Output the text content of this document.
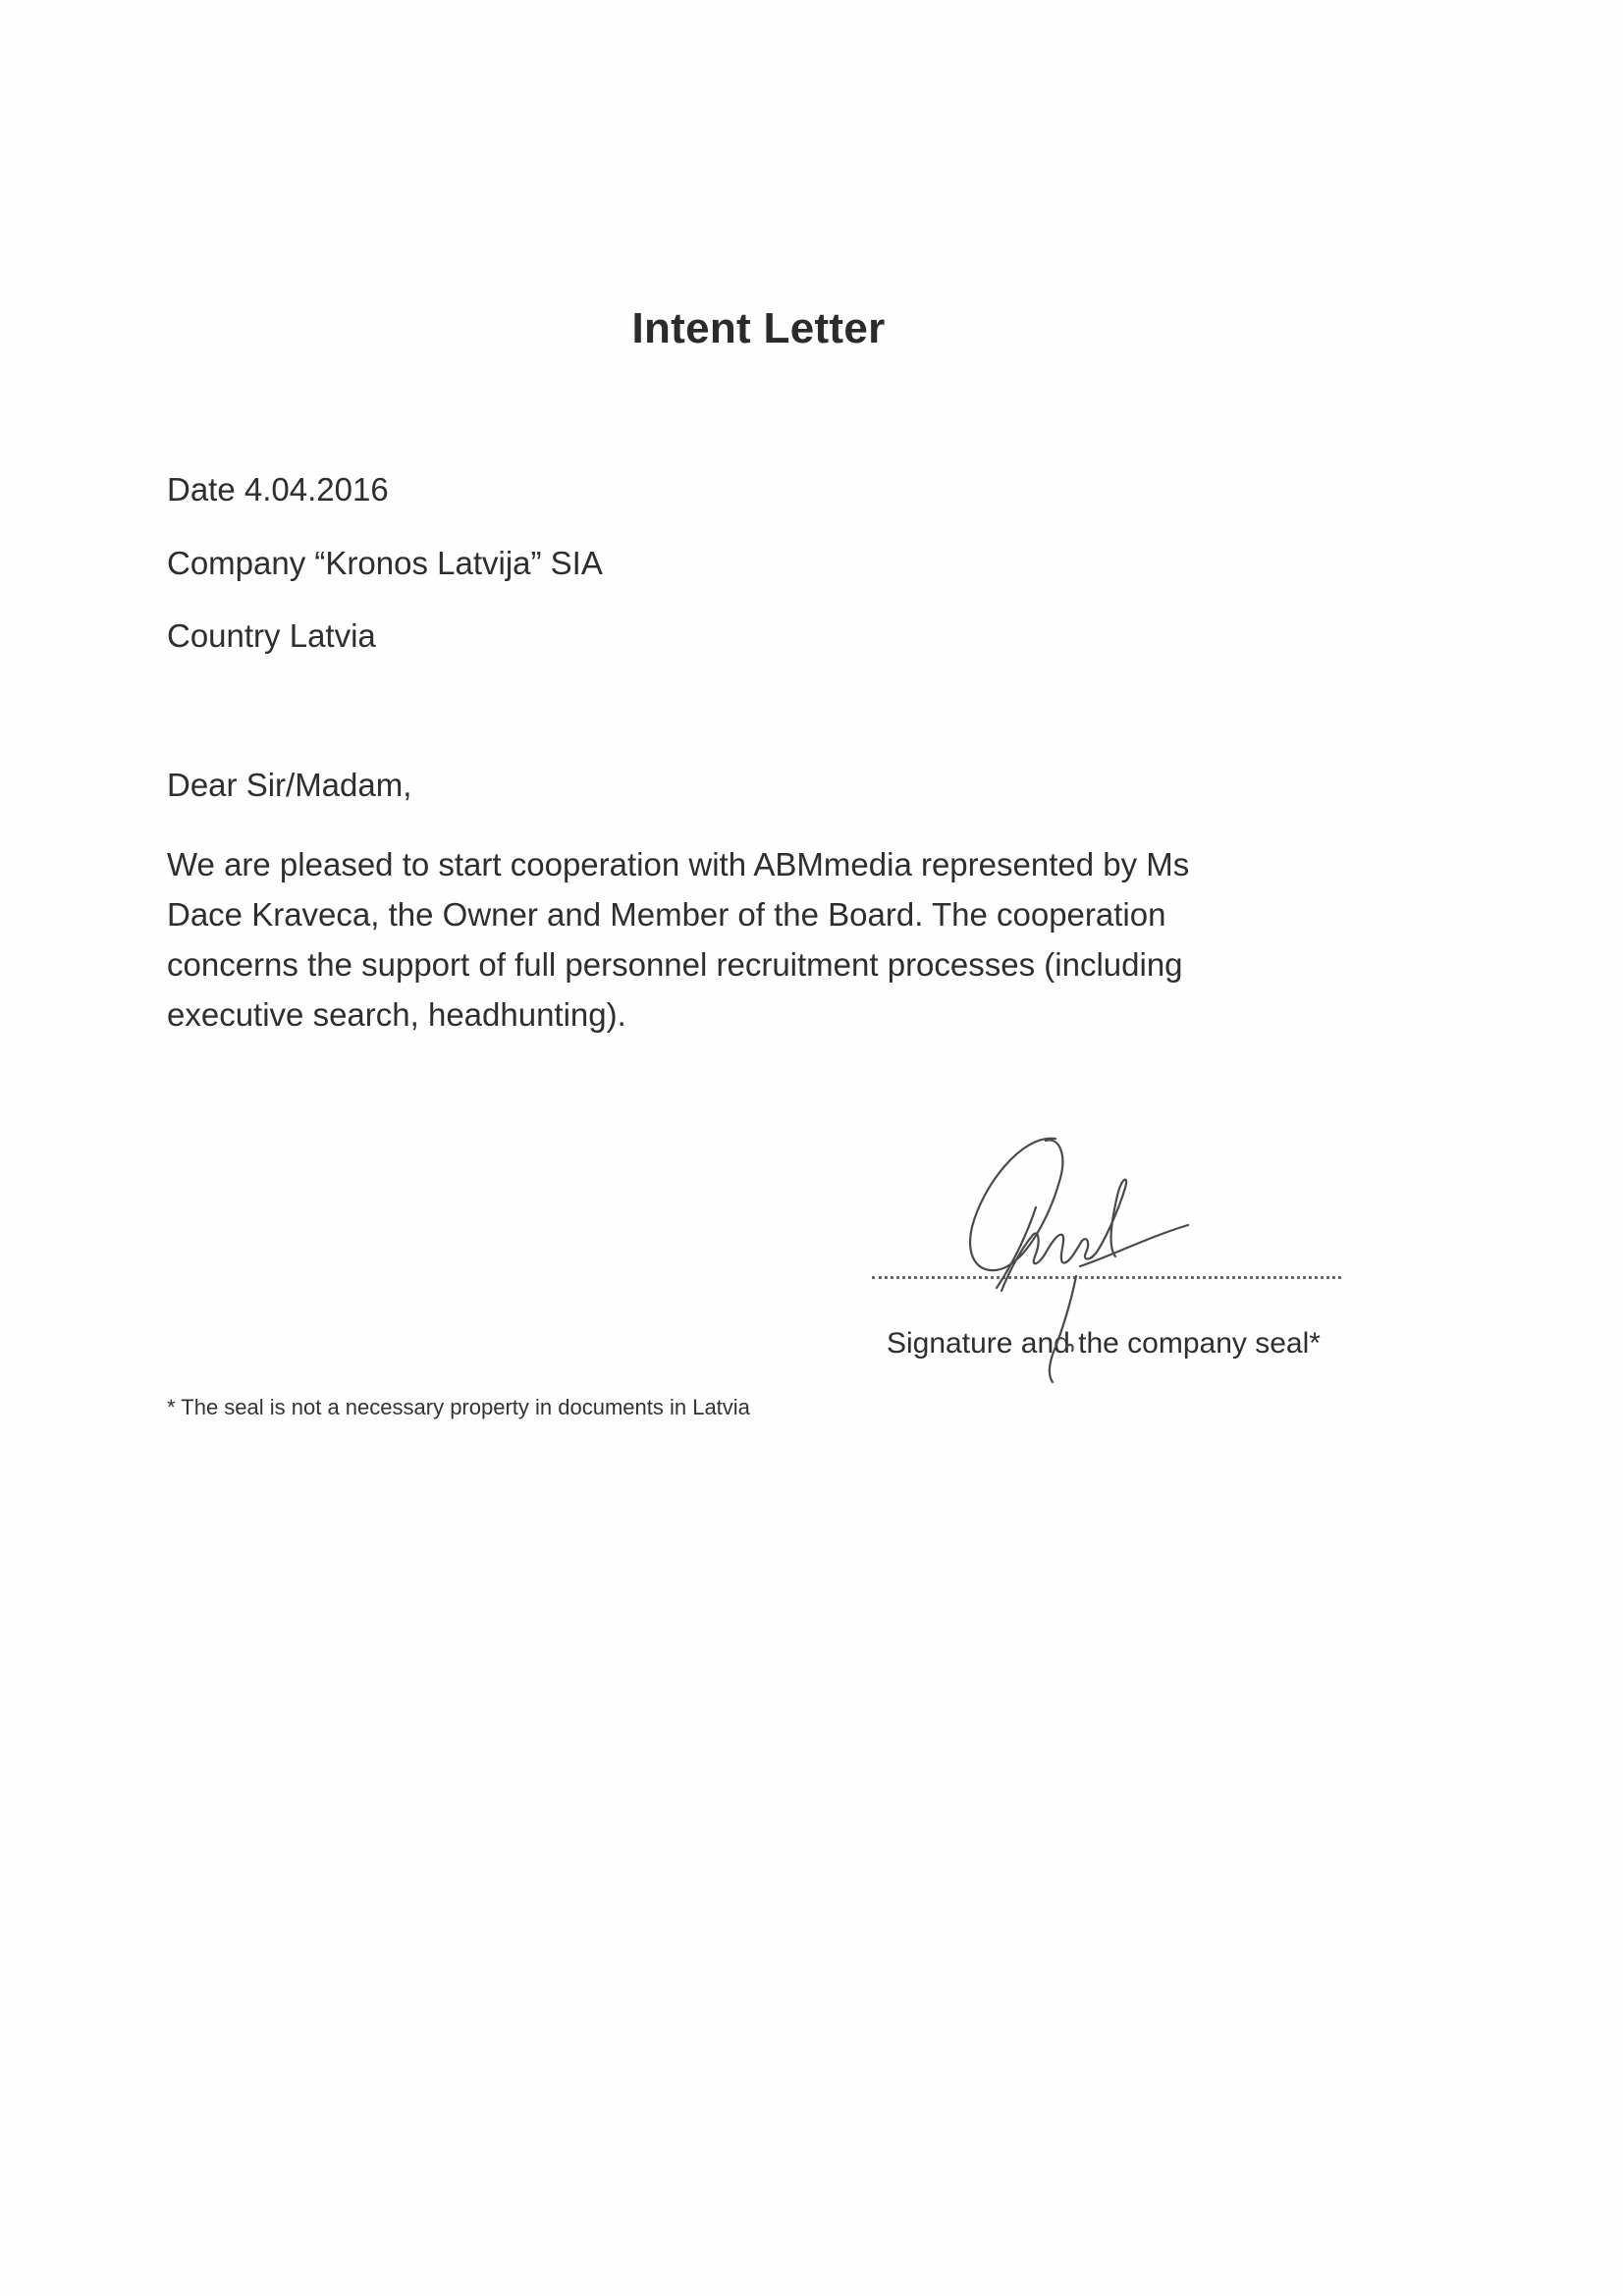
Intent Letter
Date 4.04.2016
Company “Kronos Latvija” SIA
Country Latvia
Dear Sir/Madam,
We are pleased to start cooperation with ABMmedia represented by Ms
Dace Kraveca, the Owner and Member of the Board. The cooperation
concerns the support of full personnel recruitment processes (including
executive search, headhunting).
Signature and the company seal*
* The seal is not a necessary property in documents in Latvia
